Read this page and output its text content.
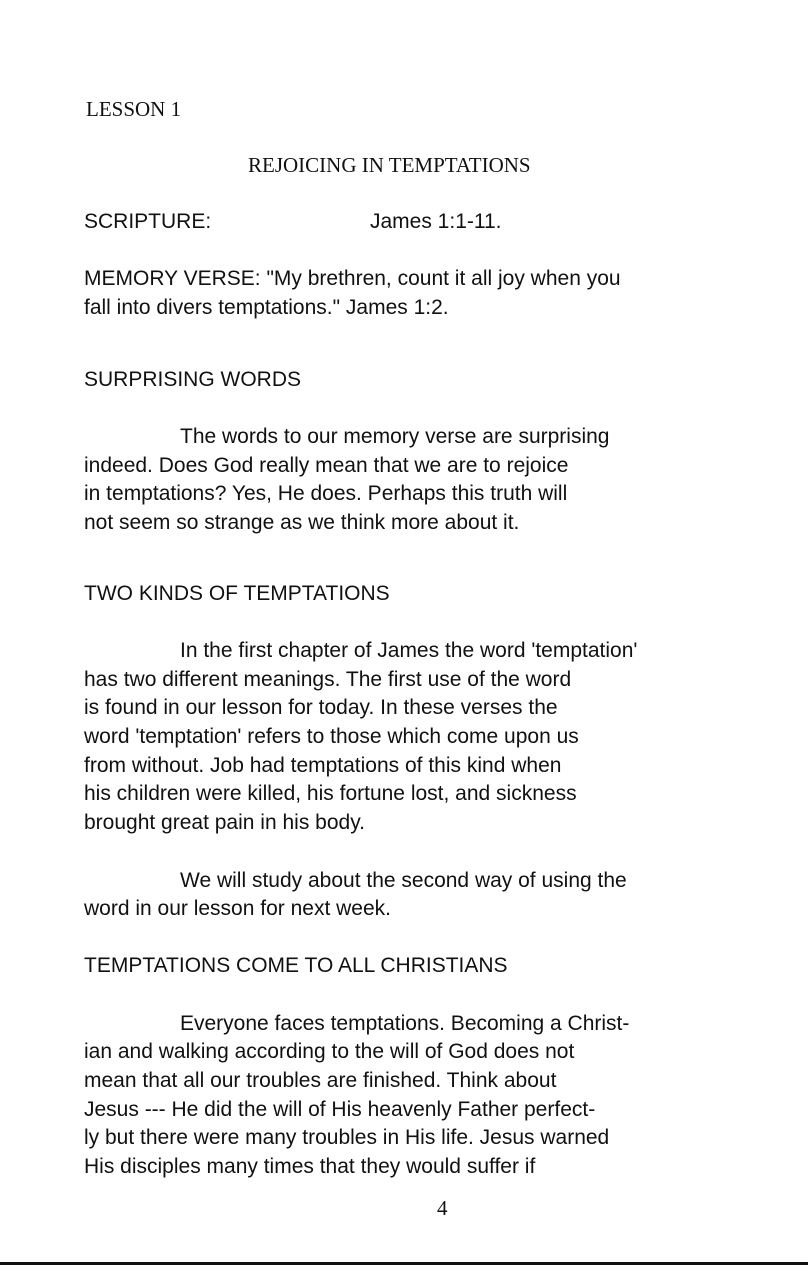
LESSON 1
REJOICING IN TEMPTATIONS
SCRIPTURE:	James 1:1-11.
MEMORY VERSE: "My brethren, count it all joy when you
fall into divers temptations." James 1:2.
SURPRISING WORDS
The words to our memory verse are surprising
indeed. Does God really mean that we are to rejoice
in temptations? Yes, He does. Perhaps this truth will
not seem so strange as we think more about it.
TWO KINDS OF TEMPTATIONS
In the first chapter of James the word 'temptation'
has two different meanings. The first use of the word
is found in our lesson for today. In these verses the
word 'temptation' refers to those which come upon us
from without. Job had temptations of this kind when
his children were killed, his fortune lost, and sickness
brought great pain in his body.
We will study about the second way of using the
word in our lesson for next week.
TEMPTATIONS COME TO ALL CHRISTIANS
Everyone faces temptations. Becoming a Christ-
ian and walking according to the will of God does not
mean that all our troubles are finished. Think about
Jesus --- He did the will of His heavenly Father perfect-
ly but there were many troubles in His life. Jesus warned
His disciples many times that they would suffer if
4
